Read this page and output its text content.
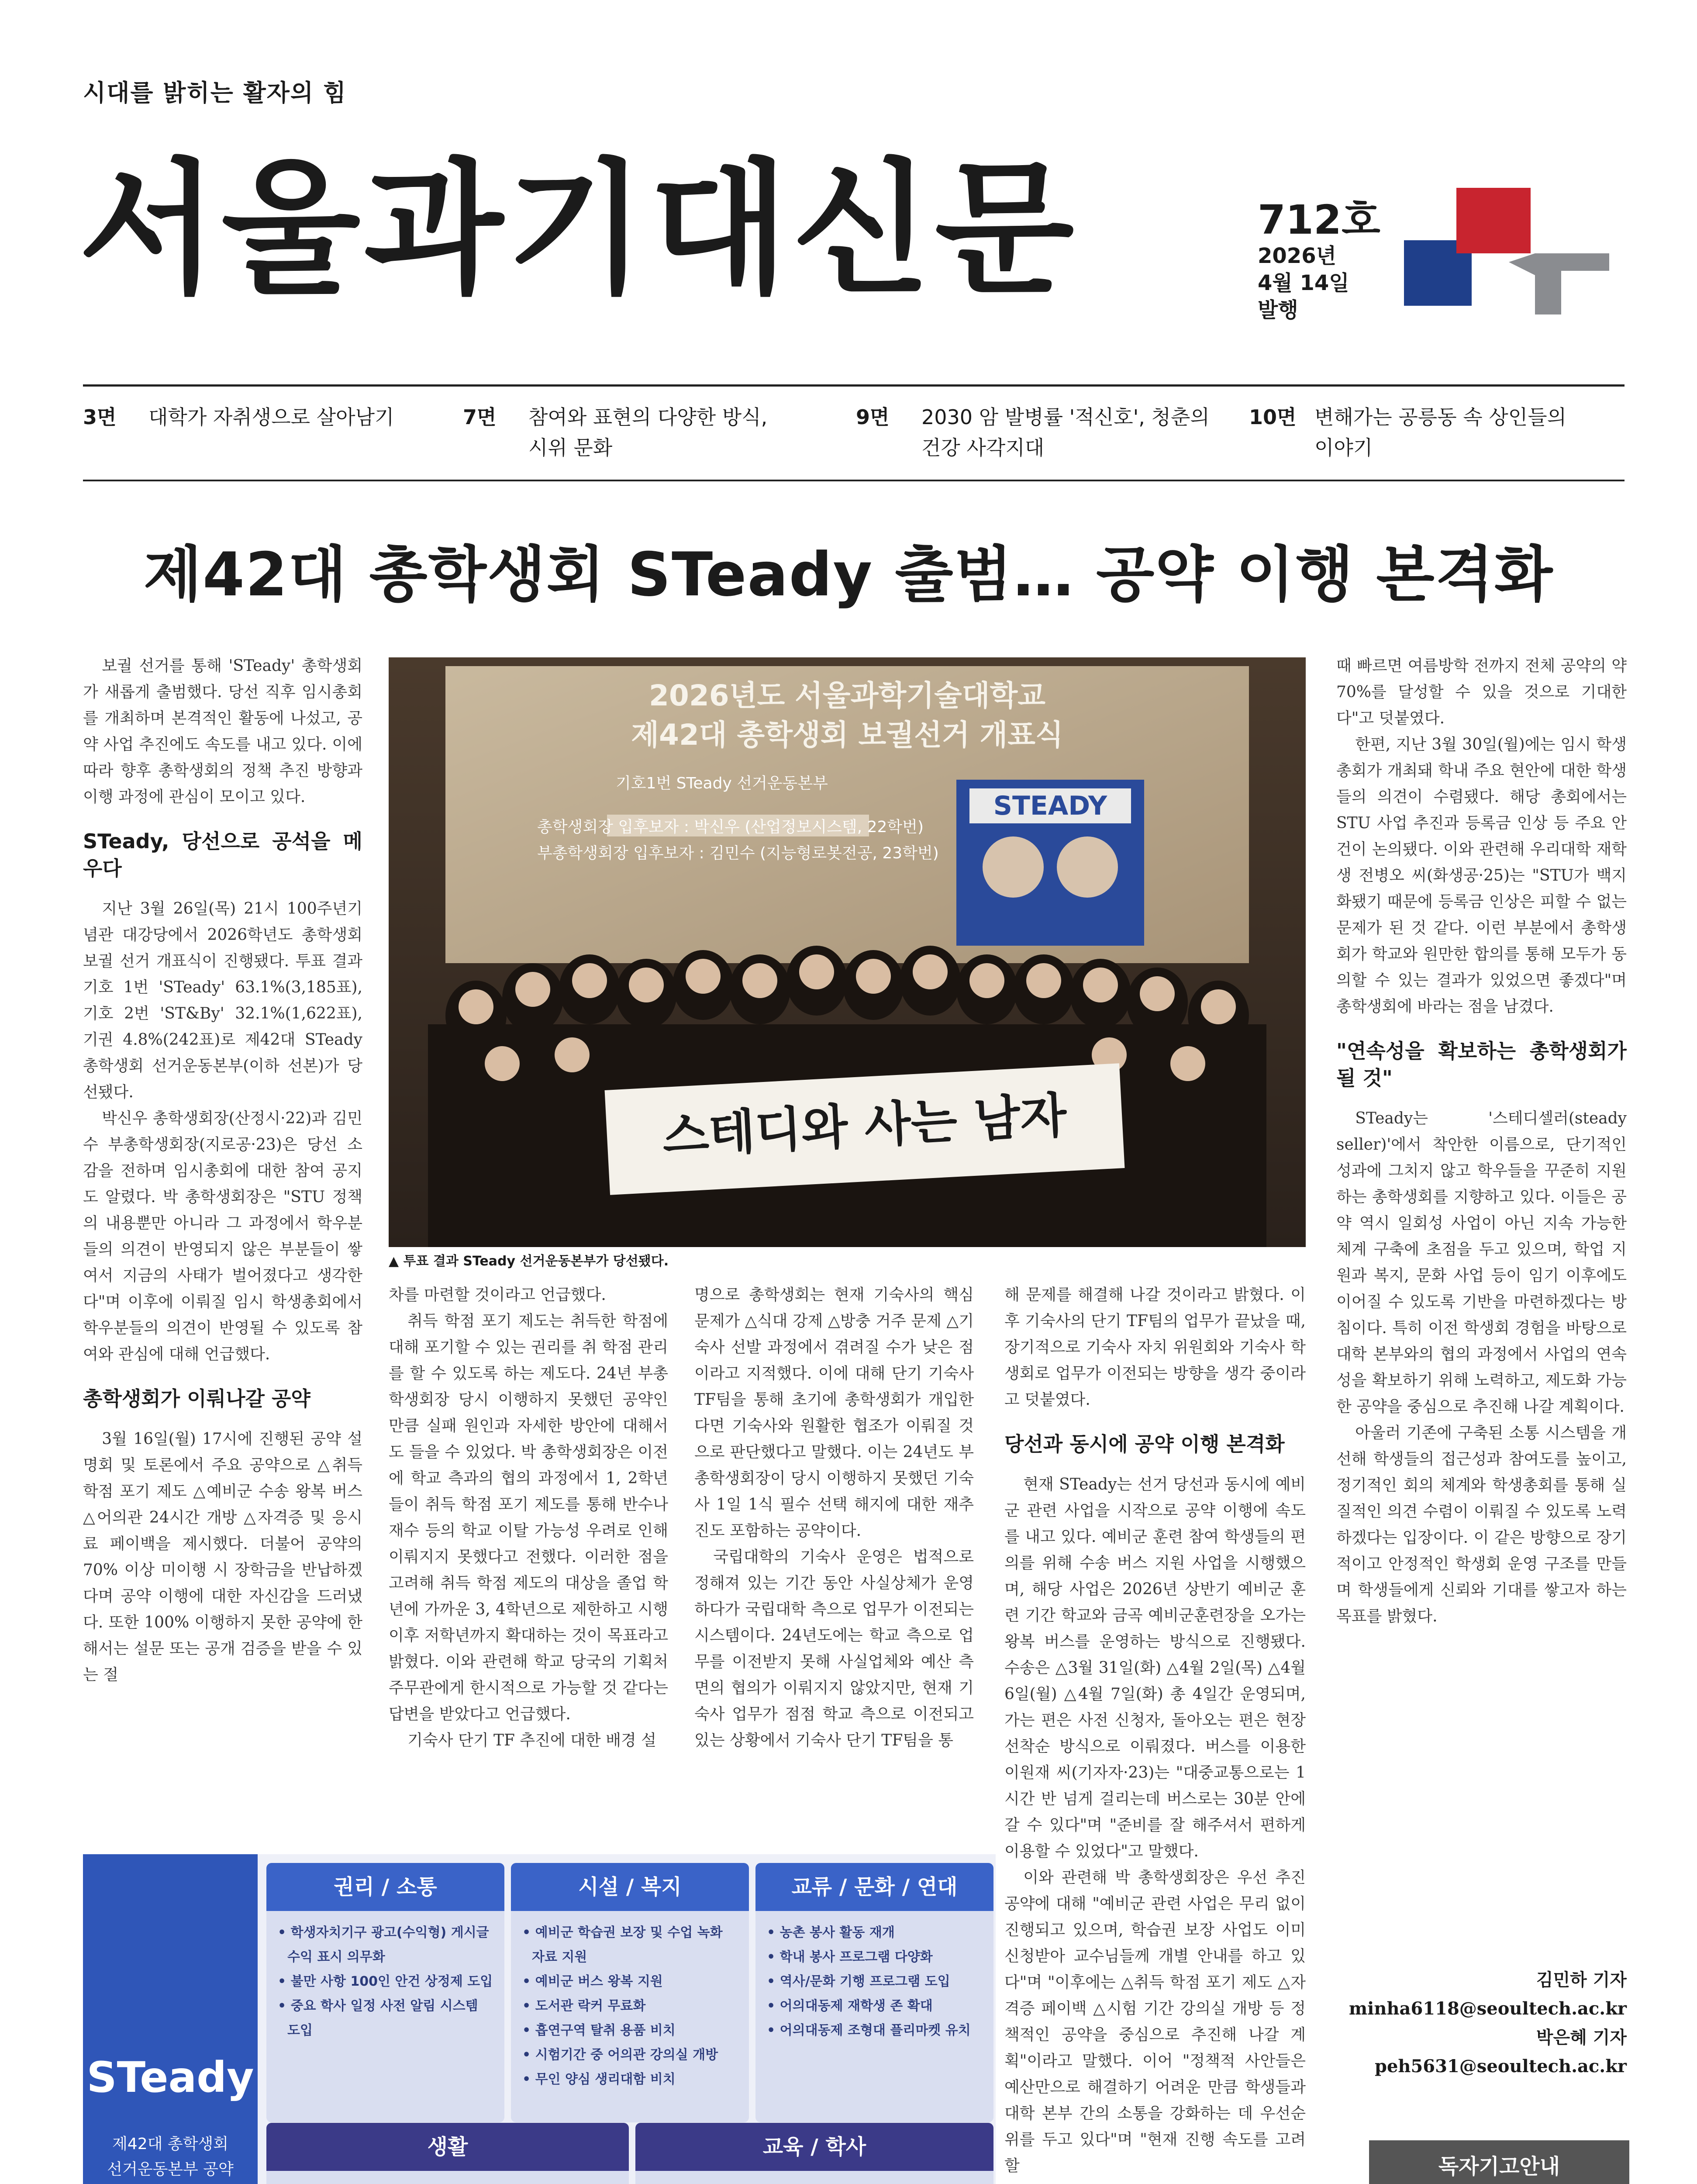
시대를 밝히는 활자의 힘
서울과기대신문	712호
2026년
4월 14일
발행
3면 대학가 자취생으로 살아남기	7면 참여와 표현의 다양한 방식,
시위 문화
9면 2030 암 발병률 '적신호', 청춘의
건강 사각지대
10면 변해가는 공릉동 속 상인들의
이야기
제42대 총학생회 STeady 출범… 공약 이행 본격화

보궐 선거를 통해 'STeady' 총학생회가 새롭게 출범했다. 당선 직후 임시총회를 개최하며 본격적인 활동에 나섰고, 공약 사업 추진에도 속도를 내고 있다. 이에 따라 향후 총학생회의 정책 추진 방향과 이행 과정에 관심이 모이고 있다.

STeady, 당선으로 공석을 메우다

지난 3월 26일(목) 21시 100주년기념관 대강당에서 2026학년도 총학생회 보궐 선거 개표식이 진행됐다. 투표 결과 기호 1번 'STeady' 63.1%(3,185표), 기호 2번 'ST&By' 32.1%(1,622표), 기권 4.8%(242표)로 제42대 STeady 총학생회 선거운동본부(이하 선본)가 당선됐다.

박신우 총학생회장(산정시·22)과 김민수 부총학생회장(지로공·23)은 당선 소감을 전하며 임시총회에 대한 참여 공지도 알렸다. 박 총학생회장은 "STU 정책의 내용뿐만 아니라 그 과정에서 학우분들의 의견이 반영되지 않은 부분들이 쌓여서 지금의 사태가 벌어졌다고 생각한다"며 이후에 이뤄질 임시 학생총회에서 학우분들의 의견이 반영될 수 있도록 참여와 관심에 대해 언급했다.

총학생회가 이뤄나갈 공약

3월 16일(월) 17시에 진행된 공약 설명회 및 토론에서 주요 공약으로 △취득 학점 포기 제도 △예비군 수송 왕복 버스 △어의관 24시간 개방 △자격증 및 응시료 페이백을 제시했다. 더불어 공약의 70% 이상 미이행 시 장학금을 반납하겠다며 공약 이행에 대한 자신감을 드러냈다. 또한 100% 이행하지 못한 공약에 한해서는 설문 또는 공개 검증을 받을 수 있는 절

STEADY
2026년도 서울과학기술대학교
제42대 총학생회 보궐선거 개표식
기호1번 STeady 선거운동본부
총학생회장 입후보자 : 박신우 (산업정보시스템, 22학번)
부총학생회장 입후보자 : 김민수 (지능형로봇전공, 23학번)
스테디와 사는 남자
▲ 투표 결과 STeady 선거운동본부가 당선됐다.

차를 마련할 것이라고 언급했다.

취득 학점 포기 제도는 취득한 학점에 대해 포기할 수 있는 권리를 취 학점 관리를 할 수 있도록 하는 제도다. 24년 부총학생회장 당시 이행하지 못했던 공약인 만큼 실패 원인과 자세한 방안에 대해서도 들을 수 있었다. 박 총학생회장은 이전에 학교 측과의 협의 과정에서 1, 2학년들이 취득 학점 포기 제도를 통해 반수나 재수 등의 학교 이탈 가능성 우려로 인해 이뤄지지 못했다고 전했다. 이러한 점을 고려해 취득 학점 제도의 대상을 졸업 학년에 가까운 3, 4학년으로 제한하고 시행 이후 저학년까지 확대하는 것이 목표라고 밝혔다. 이와 관련해 학교 당국의 기획처 주무관에게 한시적으로 가능할 것 같다는 답변을 받았다고 언급했다.

기숙사 단기 TF 추진에 대한 배경 설

명으로 총학생회는 현재 기숙사의 핵심 문제가 △식대 강제 △방충 거주 문제 △기숙사 선발 과정에서 겪려질 수가 낮은 점이라고 지적했다. 이에 대해 단기 기숙사 TF팀을 통해 초기에 총학생회가 개입한다면 기숙사와 원활한 협조가 이뤄질 것으로 판단했다고 말했다. 이는 24년도 부총학생회장이 당시 이행하지 못했던 기숙사 1일 1식 필수 선택 해지에 대한 재추진도 포함하는 공약이다.

국립대학의 기숙사 운영은 법적으로 정해져 있는 기간 동안 사실상체가 운영하다가 국립대학 측으로 업무가 이전되는 시스템이다. 24년도에는 학교 측으로 업무를 이전받지 못해 사실업체와 예산 측면의 협의가 이뤄지지 않았지만, 현재 기숙사 업무가 점점 학교 측으로 이전되고 있는 상황에서 기숙사 단기 TF팀을 통

해 문제를 해결해 나갈 것이라고 밝혔다. 이후 기숙사의 단기 TF팀의 업무가 끝났을 때, 장기적으로 기숙사 자치 위원회와 기숙사 학생회로 업무가 이전되는 방향을 생각 중이라고 덧붙였다.

당선과 동시에 공약 이행 본격화

현재 STeady는 선거 당선과 동시에 예비군 관련 사업을 시작으로 공약 이행에 속도를 내고 있다. 예비군 훈련 참여 학생들의 편의를 위해 수송 버스 지원 사업을 시행했으며, 해당 사업은 2026년 상반기 예비군 훈련 기간 학교와 금곡 예비군훈련장을 오가는 왕복 버스를 운영하는 방식으로 진행됐다. 수송은 △3월 31일(화) △4월 2일(목) △4월 6일(월) △4월 7일(화) 총 4일간 운영되며, 가는 편은 사전 신청자, 돌아오는 편은 현장 선착순 방식으로 이뤄졌다. 버스를 이용한 이원재 씨(기자자·23)는 "대중교통으로는 1시간 반 넘게 걸리는데 버스로는 30분 안에 갈 수 있다"며 "준비를 잘 해주셔서 편하게 이용할 수 있었다"고 말했다.

이와 관련해 박 총학생회장은 우선 추진 공약에 대해 "예비군 관련 사업은 무리 없이 진행되고 있으며, 학습권 보장 사업도 이미 신청받아 교수님들께 개별 안내를 하고 있다"며 "이후에는 △취득 학점 포기 제도 △자격증 페이백 △시험 기간 강의실 개방 등 정책적인 공약을 중심으로 추진해 나갈 계획"이라고 말했다. 이어 "정책적 사안들은 예산만으로 해결하기 어려운 만큼 학생들과 대학 본부 간의 소통을 강화하는 데 우선순위를 두고 있다"며 "현재 진행 속도를 고려할

때 빠르면 여름방학 전까지 전체 공약의 약 70%를 달성할 수 있을 것으로 기대한다"고 덧붙였다.

한편, 지난 3월 30일(월)에는 임시 학생총회가 개최돼 학내 주요 현안에 대한 학생들의 의견이 수렴됐다. 해당 총회에서는 STU 사업 추진과 등록금 인상 등 주요 안건이 논의됐다. 이와 관련해 우리대학 재학생 전병오 씨(화생공·25)는 "STU가 백지화됐기 때문에 등록금 인상은 피할 수 없는 문제가 된 것 같다. 이런 부분에서 총학생회가 학교와 원만한 합의를 통해 모두가 동의할 수 있는 결과가 있었으면 좋겠다"며 총학생회에 바라는 점을 남겼다.

"연속성을 확보하는 총학생회가 될 것"

STeady는 '스테디셀러(steady seller)'에서 착안한 이름으로, 단기적인 성과에 그치지 않고 학우들을 꾸준히 지원하는 총학생회를 지향하고 있다. 이들은 공약 역시 일회성 사업이 아닌 지속 가능한 체계 구축에 초점을 두고 있으며, 학업 지원과 복지, 문화 사업 등이 임기 이후에도 이어질 수 있도록 기반을 마련하겠다는 방침이다. 특히 이전 학생회 경험을 바탕으로 대학 본부와의 협의 과정에서 사업의 연속성을 확보하기 위해 노력하고, 제도화 가능한 공약을 중심으로 추진해 나갈 계획이다.

아울러 기존에 구축된 소통 시스템을 개선해 학생들의 접근성과 참여도를 높이고, 정기적인 회의 체계와 학생총회를 통해 실질적인 의견 수렴이 이뤄질 수 있도록 노력하겠다는 입장이다. 이 같은 방향으로 장기적이고 안정적인 학생회 운영 구조를 만들며 학생들에게 신뢰와 기대를 쌓고자 하는 목표를 밝혔다.

김민하 기자
minha6118@seoultech.ac.kr
박은혜 기자
peh5631@seoultech.ac.kr
STeady
제42대 총학생회
선거운동본부 공약
권리 / 소통
• 학생자치기구 광고(수익형) 게시글 수익 표시 의무화
• 불만 사항 100인 안건 상정제 도입
• 중요 학사 일정 사전 알림 시스템 도입
시설 / 복지
• 예비군 학습권 보장 및 수업 녹화 자료 지원
• 예비군 버스 왕복 지원
• 도서관 락커 무료화
• 흡연구역 탈취 용품 비치
• 시험기간 중 어의관 강의실 개방
• 무인 양심 생리대함 비치
교류 / 문화 / 연대
• 농촌 봉사 활동 재개
• 학내 봉사 프로그램 다양화
• 역사/문화 기행 프로그램 도입
• 어의대동제 재학생 존 확대
• 어의대동제 조형대 플리마켓 유치
생활
•	교육 / 학사
•
독자기고안내
